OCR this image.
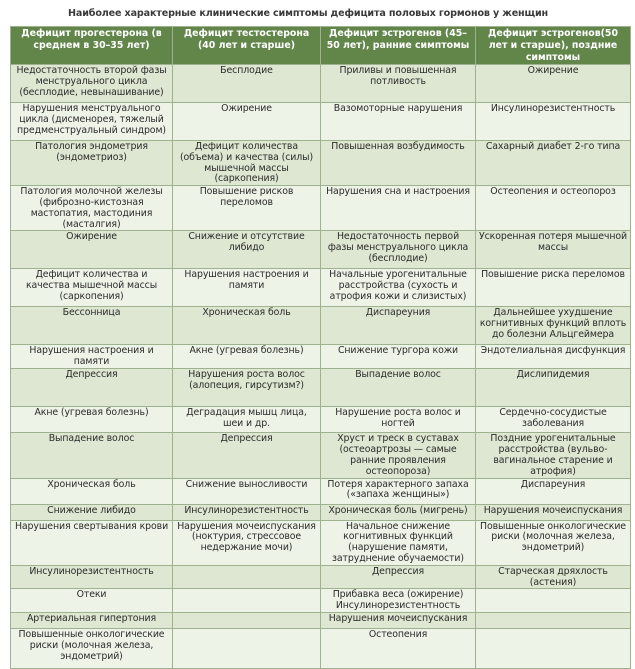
Наиболее характерные клинические симптомы дефицита половых гормонов у женщин
Дефицит прогестерона (в среднем в 30–35 лет)	Дефицит тестостерона (40 лет и старше)	Дефицит эстрогенов (45–50 лет), ранние симптомы	Дефицит эстрогенов(50 лет и старше), поздние симптомы
Недостаточность второй фазы менструального цикла (бесплодие, невынашивание)	Бесплодие	Приливы и повышенная потливость	Ожирение
Нарушения менструального цикла (дисменорея, тяжелый предменструальный синдром)	Ожирение	Вазомоторные нарушения	Инсулинорезистентность
Патология эндометрия (эндометриоз)	Дефицит количества (объема) и качества (силы) мышечной массы (саркопения)	Повышенная возбудимость	Сахарный диабет 2-го типа
Патология молочной железы (фиброзно-кистозная мастопатия, мастодиния (масталгия)	Повышение рисков переломов	Нарушения сна и настроения	Остеопения и остеопороз
Ожирение	Снижение и отсутствие либидо	Недостаточность первой фазы менструального цикла (бесплодие)	Ускоренная потеря мышечной массы
Дефицит количества и качества мышечной массы (саркопения)	Нарушения настроения и памяти	Начальные урогенитальные расстройства (сухость и атрофия кожи и слизистых)	Повышение риска переломов
Бессонница	Хроническая боль	Диспареуния	Дальнейшее ухудшение когнитивных функций вплоть до болезни Альцгеймера
Нарушения настроения и памяти	Акне (угревая болезнь)	Снижение тургора кожи	Эндотелиальная дисфункция
Депрессия	Нарушения роста волос (алопеция, гирсутизм?)	Выпадение волос	Дислипидемия
Акне (угревая болезнь)	Деградация мышц лица, шеи и др.	Нарушение роста волос и ногтей	Сердечно-сосудистые заболевания
Выпадение волос	Депрессия	Хруст и треск в суставах (остеоартрозы — самые ранние проявления остеопороза)	Поздние урогенитальные расстройства (вульво-вагинальное старение и атрофия)
Хроническая боль	Снижение выносливости	Потеря характерного запаха («запаха женщины»)	Диспареуния
Снижение либидо	Инсулинорезистентность	Хроническая боль (мигрень)	Нарушения мочеиспускания
Нарушения свертывания крови	Нарушения мочеиспускания (ноктурия, стрессовое недержание мочи)	Начальное снижение когнитивных функций (нарушение памяти, затруднение обучаемости)	Повышенные онкологические риски (молочная железа, эндометрий)
Инсулинорезистентность		Депрессия	Старческая дряхлость (астения)
Отеки		Прибавка веса (ожирение) Инсулинорезистентность	
Артериальная гипертония		Нарушения мочеиспускания	
Повышенные онкологические риски (молочная железа, эндометрий)		Остеопения	
